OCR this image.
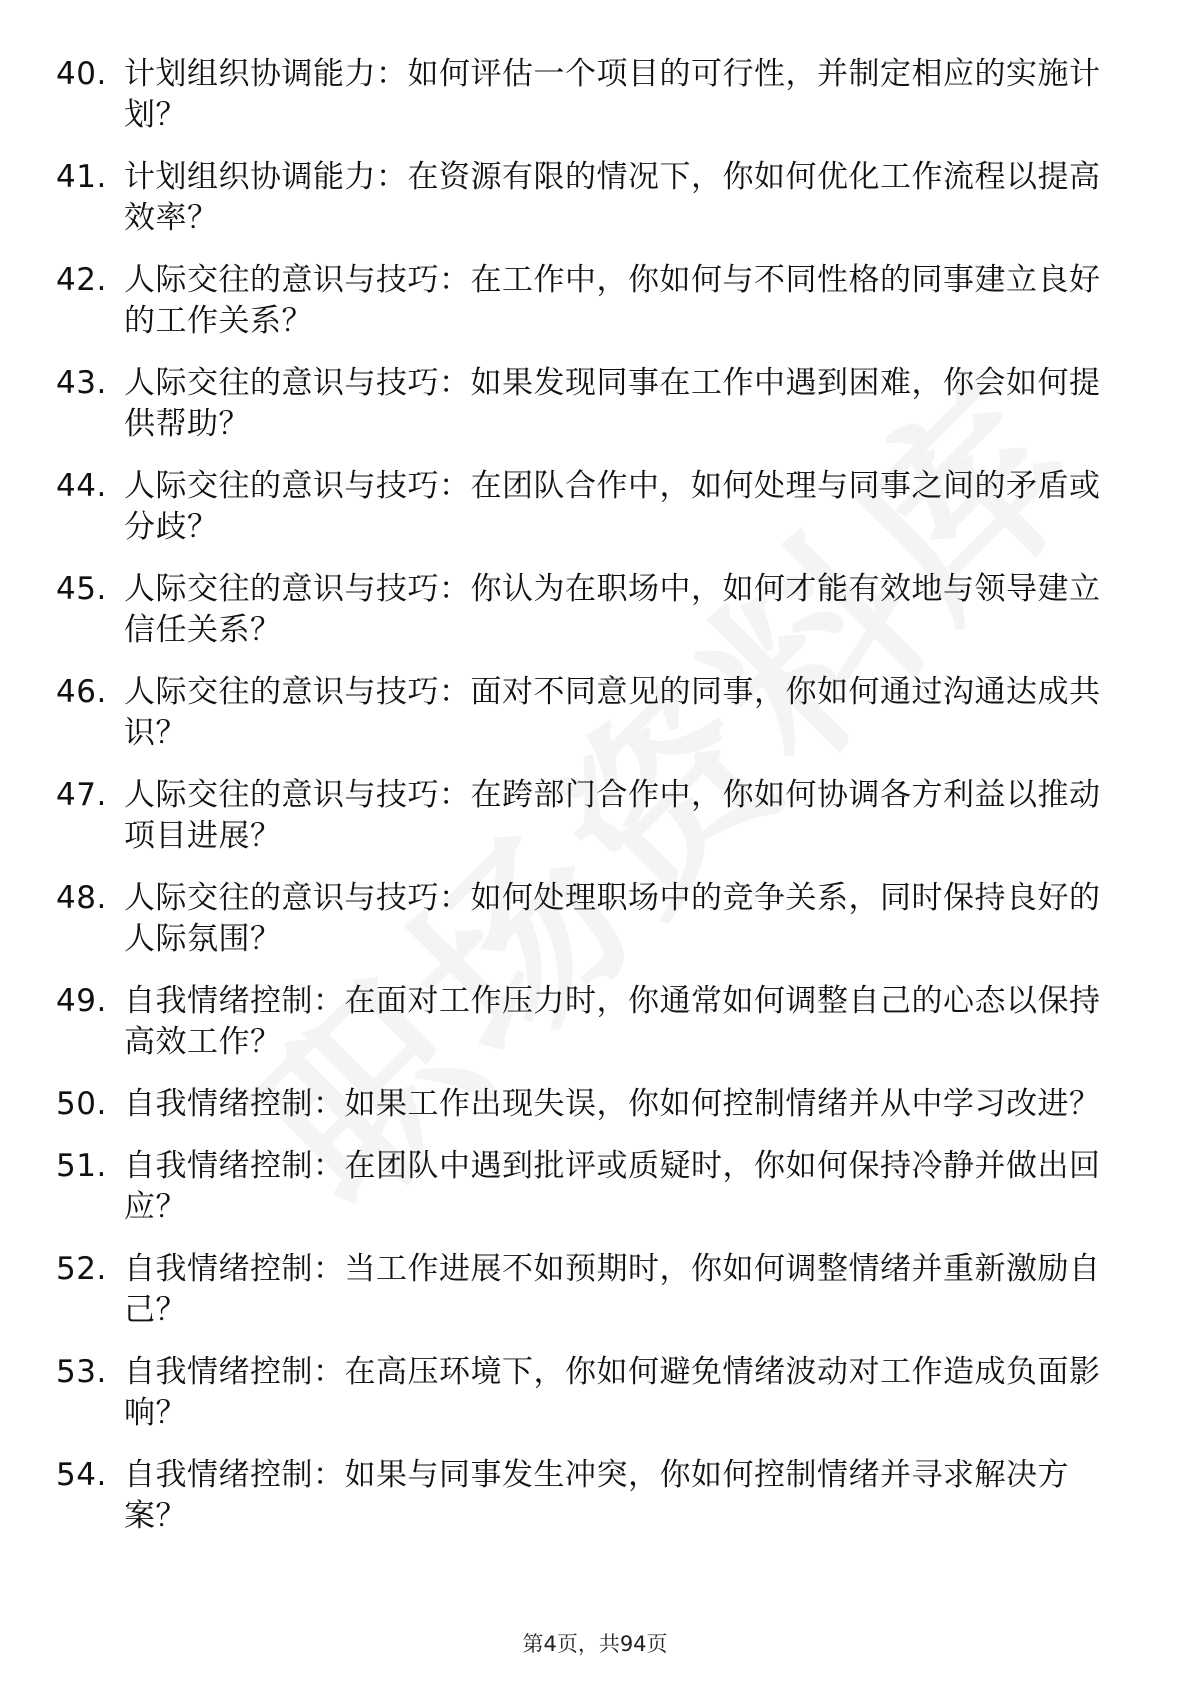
40. 计划组织协调能力：如何评估一个项目的可行性，并制定相应的实施计划？
41. 计划组织协调能力：在资源有限的情况下，你如何优化工作流程以提高效率？
42. 人际交往的意识与技巧：在工作中，你如何与不同性格的同事建立良好的工作关系？
43. 人际交往的意识与技巧：如果发现同事在工作中遇到困难，你会如何提供帮助？
44. 人际交往的意识与技巧：在团队合作中，如何处理与同事之间的矛盾或分歧？
45. 人际交往的意识与技巧：你认为在职场中，如何才能有效地与领导建立信任关系？
46. 人际交往的意识与技巧：面对不同意见的同事，你如何通过沟通达成共识？
47. 人际交往的意识与技巧：在跨部门合作中，你如何协调各方利益以推动项目进展？
48. 人际交往的意识与技巧：如何处理职场中的竞争关系，同时保持良好的人际氛围？
49. 自我情绪控制：在面对工作压力时，你通常如何调整自己的心态以保持高效工作？
50. 自我情绪控制：如果工作出现失误，你如何控制情绪并从中学习改进？
51. 自我情绪控制：在团队中遇到批评或质疑时，你如何保持冷静并做出回应？
52. 自我情绪控制：当工作进展不如预期时，你如何调整情绪并重新激励自己？
53. 自我情绪控制：在高压环境下，你如何避免情绪波动对工作造成负面影响？
54. 自我情绪控制：如果与同事发生冲突，你如何控制情绪并寻求解决方案？
第4页，共94页
